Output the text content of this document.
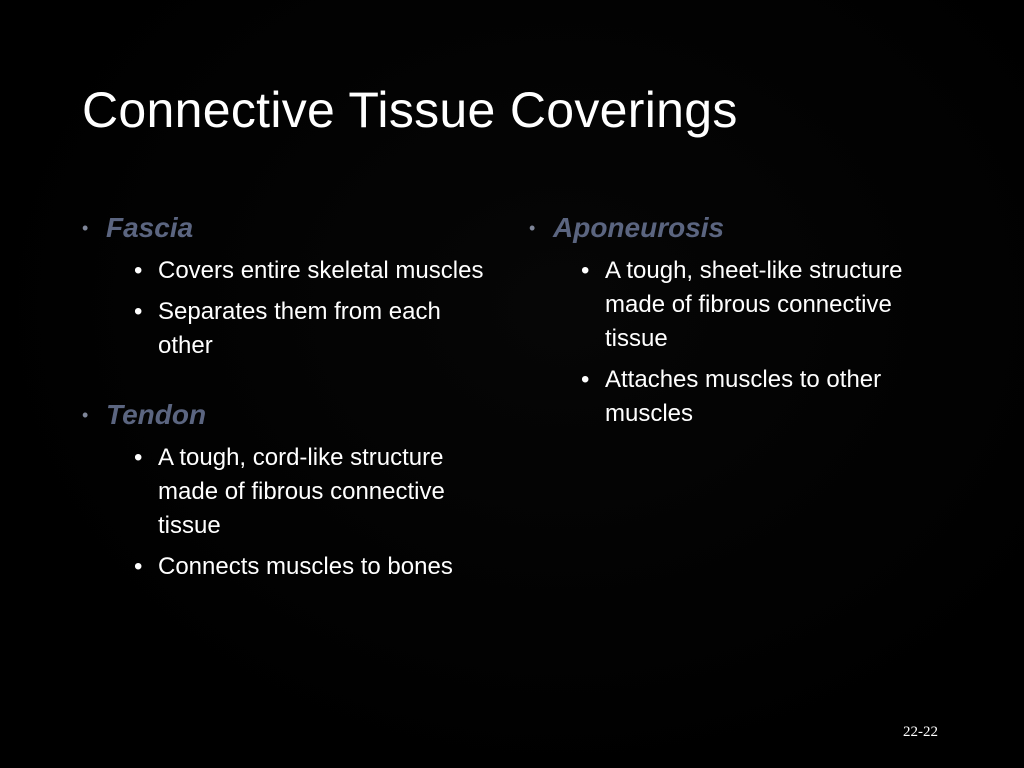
Connective Tissue Coverings
• Fascia
• Covers entire skeletal muscles
• Separates them from each other
• Tendon
• A tough, cord-like structure made of fibrous connective tissue
• Connects muscles to bones
• Aponeurosis
• A tough, sheet-like structure made of fibrous connective tissue
• Attaches muscles to other muscles
22-22
